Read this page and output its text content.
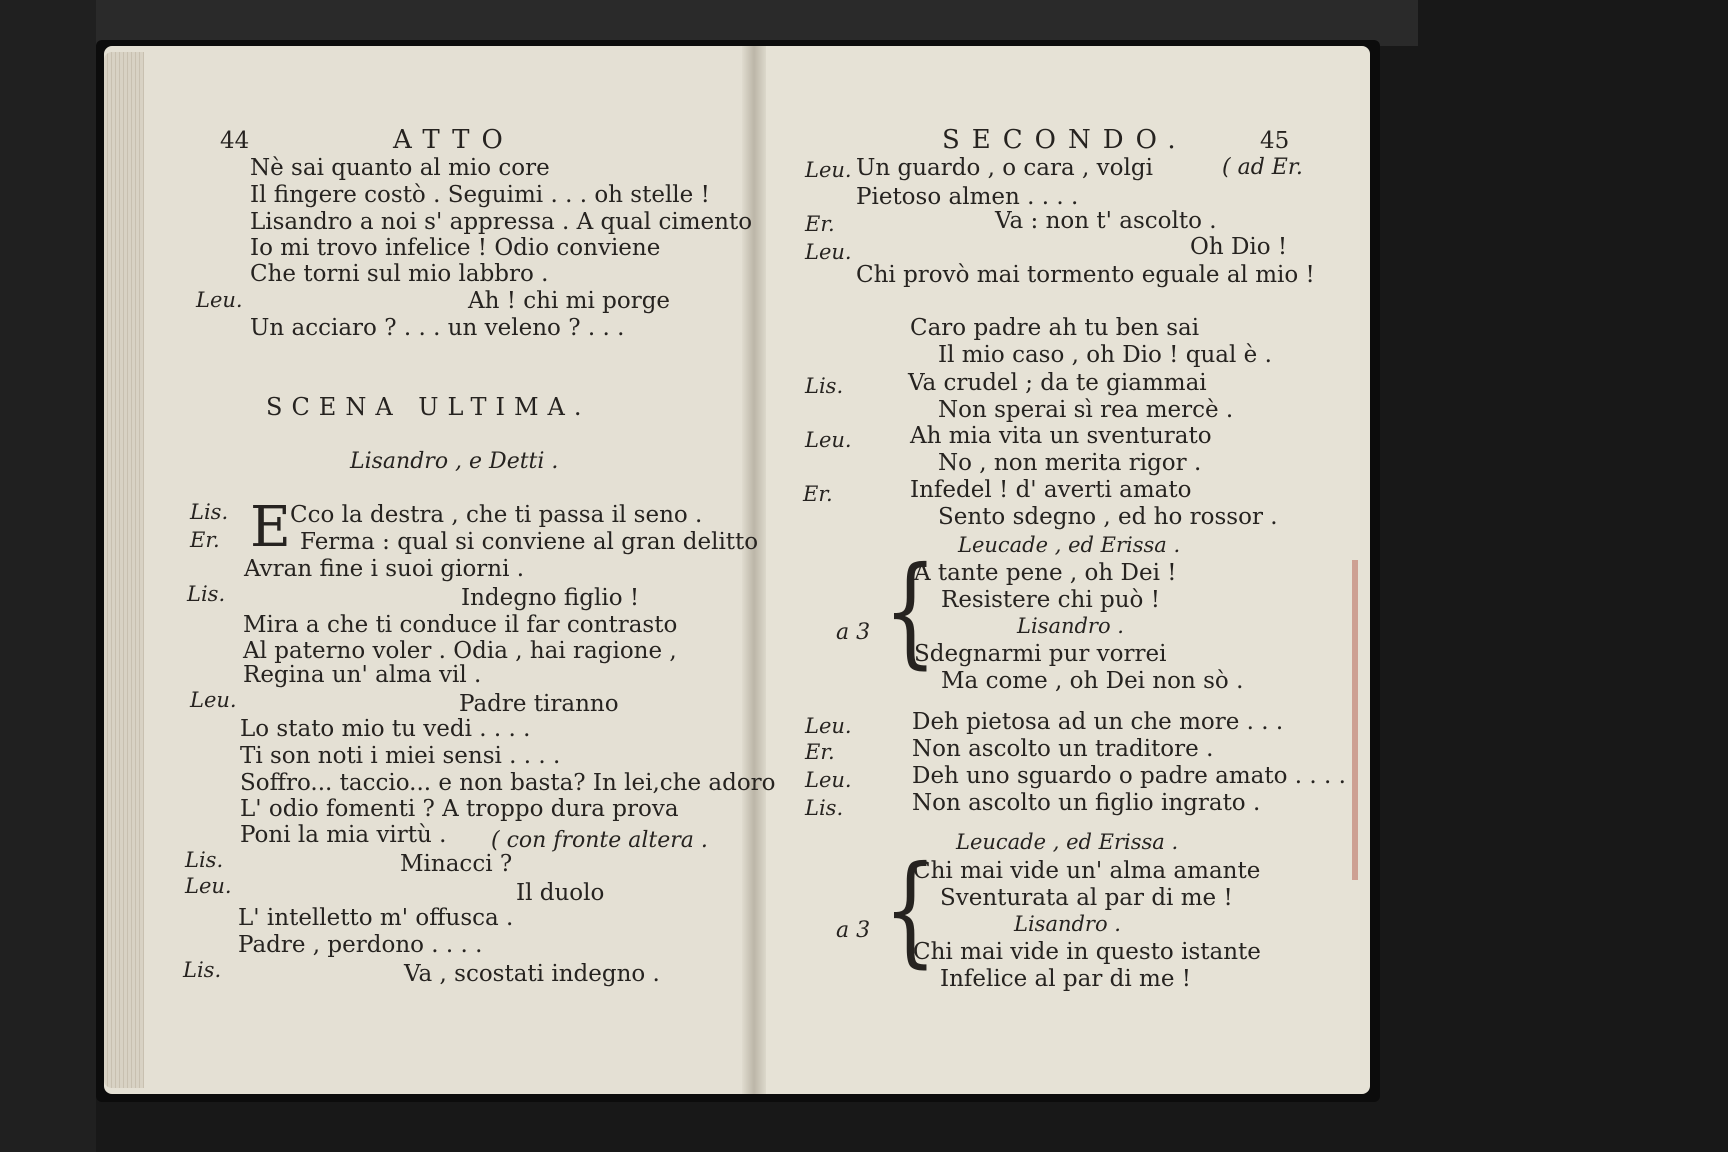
44	ATTO
Nè sai quanto al mio core
Il fingere costò . Seguimi . . . oh stelle !
Lisandro a noi s' appressa . A qual cimento
Io mi trovo infelice ! Odio conviene
Che torni sul mio labbro .
Leu.	Ah ! chi mi porge
Un acciaro ? . . . un veleno ? . . .
SCENA ULTIMA.
Lisandro , e Detti .
Lis. E Cco la destra , che ti passa il seno .
Er.	Ferma : qual si conviene al gran delitto
Avran fine i suoi giorni .
Lis.	Indegno figlio !
Mira a che ti conduce il far contrasto
Al paterno voler . Odia , hai ragione ,
Regina un' alma vil .
Leu.	Padre tiranno
Lo stato mio tu vedi . . . .
Ti son noti i miei sensi . . . .
Soffro... taccio... e non basta? In lei,che adoro
L' odio fomenti ? A troppo dura prova
Poni la mia virtù . ( con fronte altera .
Lis.	Minacci ?
Leu.	Il duolo
L' intelletto m' offusca .
Padre , perdono . . . .
Lis.	Va , scostati indegno .
SECONDO.	45
Leu. Un guardo , o cara , volgi	( ad Er.
Pietoso almen . . . .
Er.	Va : non t' ascolto .
Leu.	Oh Dio !
Chi provò mai tormento eguale al mio !
Caro padre ah tu ben sai
Il mio caso , oh Dio ! qual è .
Lis.	Va crudel ; da te giammai
Non sperai sì rea mercè .
Leu.	Ah mia vita un sventurato
No , non merita rigor .
Er.	Infedel ! d' averti amato
Sento sdegno , ed ho rossor .
Leucade , ed Erissa .
{
a 3
A tante pene , oh Dei !
Resistere chi può !
Lisandro .
Sdegnarmi pur vorrei
Ma come , oh Dei non sò .
Leu.	Deh pietosa ad un che more . . .
Er.	Non ascolto un traditore .
Leu.	Deh uno sguardo o padre amato . . . .
Lis.	Non ascolto un figlio ingrato .
Leucade , ed Erissa .
{
a 3
Chi mai vide un' alma amante
Sventurata al par di me !
Lisandro .
Chi mai vide in questo istante
Infelice al par di me !
